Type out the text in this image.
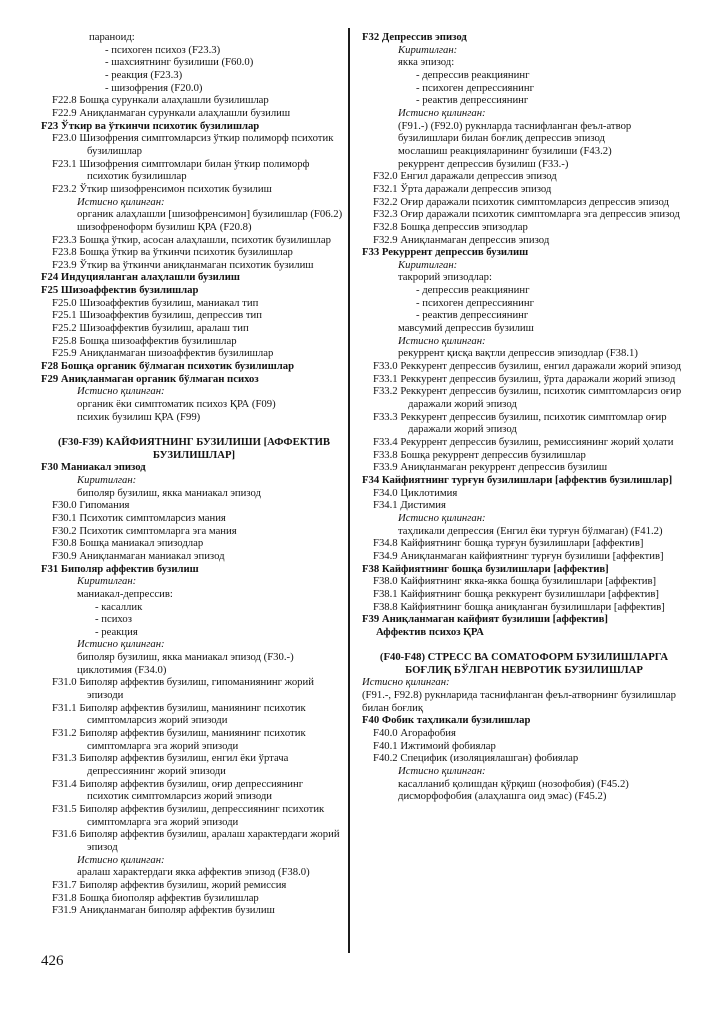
параноид:
- психоген психоз (F23.3)
- шахсиятнинг бузилиши (F60.0)
- реакция (F23.3)
- шизофрения (F20.0)
F22.8 Бошқа сурункали алаҳлашли бузилишлар
F22.9 Аниқланмаган сурункали алаҳлашли бузилиш
F23 Ўткир ва ўткинчи психотик бузилишлар
F23.0 Шизофрения симптомларсиз ўткир полиморф психотик бузилишлар
F23.1 Шизофрения симптомлари билан ўткир полиморф психотик бузилишлар
F23.2 Ўткир шизофренсимон психотик бузилиш
Истисно қилинган:
органик алаҳлашли [шизофренсимон] бузилишлар (F06.2)
шизофреноформ бузилиш ҚРА (F20.8)
F23.3 Бошқа ўткир, асосан алаҳлашли, психотик бузилишлар
F23.8 Бошқа ўткир ва ўткинчи психотик бузилишлар
F23.9 Ўткир ва ўткинчи аниқланмаган психотик бузилиш
F24 Индуцияланган алаҳлашли бузилиш
F25 Шизоаффектив бузилишлар
F25.0 Шизоаффектив бузилиш, маниакал тип
F25.1 Шизоаффектив бузилиш, депрессив тип
F25.2 Шизоаффектив бузилиш, аралаш тип
F25.8 Бошқа шизоаффектив бузилишлар
F25.9 Аниқланмаган шизоаффектив бузилишлар
F28 Бошқа органик бўлмаган психотик бузилишлар
F29 Аниқланмаган органик бўлмаган психоз
Истисно қилинган:
органик ёки симптоматик психоз ҚРА (F09)
психик бузилиш ҚРА (F99)

(F30-F39) КАЙФИЯТНИНГ БУЗИЛИШИ [АФФЕКТИВ БУЗИЛИШЛАР]
F30 Маниакал эпизод
Киритилган:
биполяр бузилиш, якка маниакал эпизод
F30.0 Гипомания
F30.1 Психотик симптомларсиз мания
F30.2 Психотик симптомларга эга мания
F30.8 Бошқа маниакал эпизодлар
F30.9 Аниқланмаган маниакал эпизод
F31 Биполяр аффектив бузилиш
Киритилган:
маниакал-депрессив:
- касаллик
- психоз
- реакция
Истисно қилинган:
биполяр бузилиш, якка маниакал эпизод (F30.-)
циклотимия (F34.0)
F31.0 Биполяр аффектив бузилиш, гипоманиянинг жорий эпизоди
F31.1 Биполяр аффектив бузилиш, маниянинг психотик симптомларсиз жорий эпизоди
F31.2 Биполяр аффектив бузилиш, маниянинг психотик симптомларга эга жорий эпизоди
F31.3 Биполяр аффектив бузилиш, енгил ёки ўртача депрессиянинг жорий эпизоди
F31.4 Биполяр аффектив бузилиш, оғир депрессиянинг психотик симптомларсиз жорий эпизоди
F31.5 Биполяр аффектив бузилиш, депрессиянинг психотик симптомларга эга жорий эпизоди
F31.6 Биполяр аффектив бузилиш, аралаш характердаги жорий эпизод
Истисно қилинган:
аралаш характердаги якка аффектив эпизод (F38.0)
F31.7 Биполяр аффектив бузилиш, жорий ремиссия
F31.8 Бошқа биополяр аффектив бузилишлар
F31.9 Аниқланмаган биполяр аффектив бузилиш
F32 Депрессив эпизод
Киритилган:
якка эпизод:
- депрессив реакциянинг
- психоген депрессиянинг
- реактив депрессиянинг
Истисно қилинган:
(F91.-) (F92.0) рукнларда таснифланган феъл-атвор бузилишлари билан боғлиқ депрессив эпизод
мослашиш реакцияларининг бузилиши (F43.2)
рекуррент депрессив бузилиш (F33.-)
F32.0 Енгил даражали депрессив эпизод
F32.1 Ўрта даражали депрессив эпизод
F32.2 Оғир даражали психотик симптомларсиз депрессив эпизод
F32.3 Оғир даражали психотик симптомларга эга депрессив эпизод
F32.8 Бошқа депрессив эпизодлар
F32.9 Аниқланмаган депрессив эпизод
F33 Рекуррент депрессив бузилиш
Киритилган:
такрорий эпизодлар:
- депрессив реакциянинг
- психоген депрессиянинг
- реактив депрессиянинг
мавсумий депрессив бузилиш
Истисно қилинган:
рекуррент қисқа вақтли депрессив эпизодлар (F38.1)
F33.0 Реккурент депрессив бузилиш, енгил даражали жорий эпизод
F33.1 Реккурент депрессив бузилиш, ўрта даражали жорий эпизод
F33.2 Реккурент депрессив бузилиш, психотик симптомларсиз оғир даражали жорий эпизод
F33.3 Реккурент депрессив бузилиш, психотик симптомлар оғир даражали жорий эпизод
F33.4 Рекуррент депрессив бузилиш, ремиссиянинг жорий ҳолати
F33.8 Бошқа рекуррент депрессив бузилишлар
F33.9 Аниқланмаган рекуррент депрессив бузилиш
F34 Кайфиятнинг турғун бузилишлари [аффектив бузилишлар]
F34.0 Циклотимия
F34.1 Дистимия
Истисно қилинган:
таҳликали депрессия (Енгил ёки турғун бўлмаган) (F41.2)
F34.8 Кайфиятнинг бошқа турғун бузилишлари [аффектив]
F34.9 Аниқланмаган кайфиятнинг турғун бузилиши [аффектив]
F38 Кайфиятнинг бошқа бузилишлари [аффектив]
F38.0 Кайфиятнинг якка-якка бошқа бузилишлари [аффектив]
F38.1 Кайфиятнинг бошқа реккурент бузилишлари [аффектив]
F38.8 Кайфиятнинг бошқа аниқланган бузилишлари [аффектив]
F39 Аниқланмаган кайфият бузилиши [аффектив]
Аффектив психоз ҚРА

(F40-F48) СТРЕСС ВА СОМАТОФОРМ БУЗИЛИШЛАРГА БОҒЛИҚ БЎЛГАН НЕВРОТИК БУЗИЛИШЛАР
Истисно қилинган:
(F91.-, F92.8) рукнларида таснифланган феъл-атворнинг бузилишлар билан боғлиқ
F40 Фобик таҳликали бузилишлар
F40.0 Агорафобия
F40.1 Ижтимоий фобиялар
F40.2 Специфик (изоляциялашган) фобиялар
Истисно қилинган:
касалланиб қолишдан қўрқиш (нозофобия) (F45.2)
дисморфофобия (алаҳлашга оид эмас) (F45.2)
426
